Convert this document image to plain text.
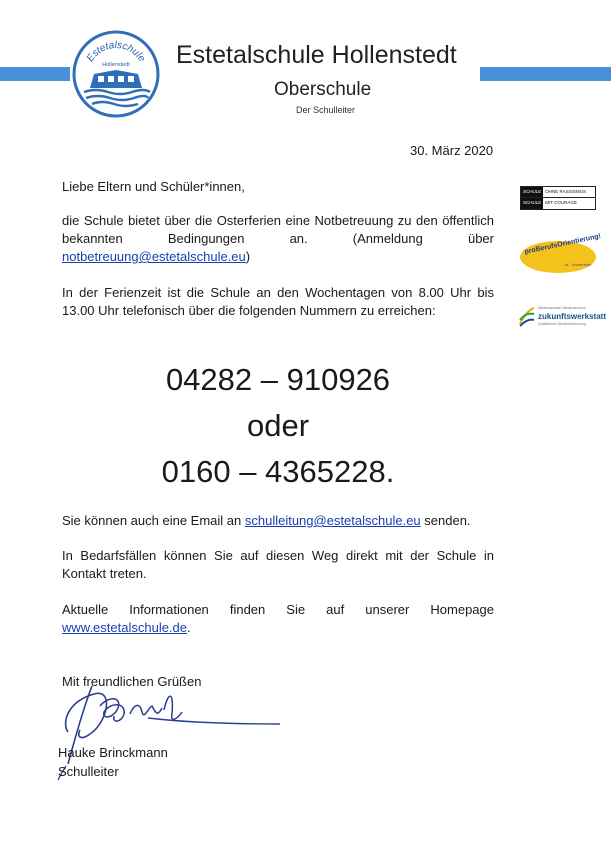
Estetalschule
Hollenstedt Estetalschule Hollenstedt
Oberschule
Der Schulleiter
SCHULE OHNE RASSISMUS
SCHULE MIT COURAGE
proBerufsOrientierung!
Ja - Vorbereitet
Niedersachsen Niedersachsen
zukunftswerkstatt
Qualifizierte Berufsorientierung
30. März 2020
Liebe Eltern und Schüler*innen,
die Schule bietet über die Osterferien eine Notbetreuung zu den öffentlich bekannten Bedingungen an. (Anmeldung über notbetreuung@estetalschule.eu)
In der Ferienzeit ist die Schule an den Wochentagen von 8.00 Uhr bis 13.00 Uhr telefonisch über die folgenden Nummern zu erreichen:
04282 – 910926
oder
0160 – 4365228.
Sie können auch eine Email an schulleitung@estetalschule.eu senden.
In Bedarfsfällen können Sie auf diesen Weg direkt mit der Schule in Kontakt treten.
Aktuelle Informationen finden Sie auf unserer Homepage www.estetalschule.de.
Mit freundlichen Grüßen
Hauke Brinckmann
Schulleiter
